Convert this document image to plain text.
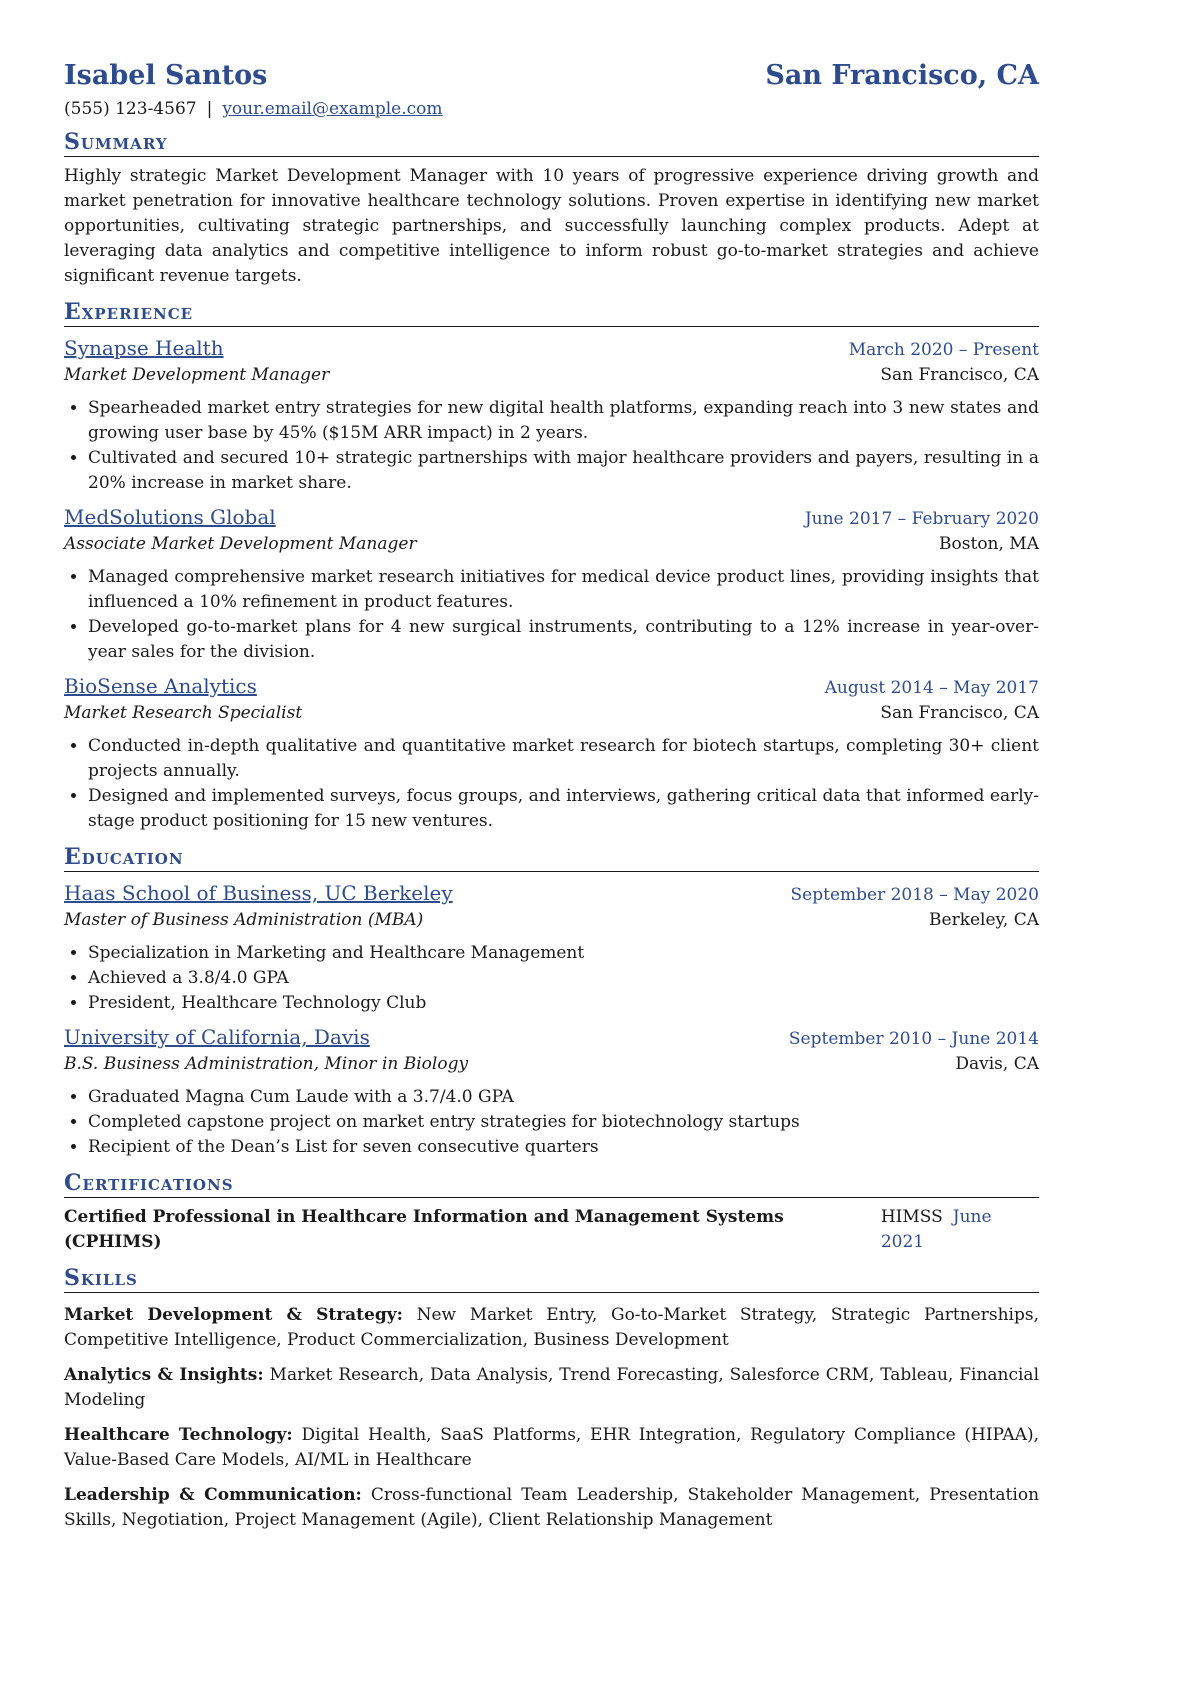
Isabel Santos	San Francisco, CA
(555) 123-4567 | your.email@example.com
Summary
Highly strategic Market Development Manager with 10 years of progressive experience driving growth and market penetration for innovative healthcare technology solutions. Proven expertise in identifying new market opportunities, cultivating strategic partnerships, and successfully launching complex products. Adept at leveraging data analytics and competitive intelligence to inform robust go-to-market strategies and achieve significant revenue targets.
Experience
Synapse Health	March 2020 – Present
Market Development Manager	San Francisco, CA
• Spearheaded market entry strategies for new digital health platforms, expanding reach into 3 new states and growing user base by 45% ($15M ARR impact) in 2 years.
• Cultivated and secured 10+ strategic partnerships with major healthcare providers and payers, resulting in a 20% increase in market share.
MedSolutions Global	June 2017 – February 2020
Associate Market Development Manager	Boston, MA
• Managed comprehensive market research initiatives for medical device product lines, providing insights that influenced a 10% refinement in product features.
• Developed go-to-market plans for 4 new surgical instruments, contributing to a 12% increase in year-over-year sales for the division.
BioSense Analytics	August 2014 – May 2017
Market Research Specialist	San Francisco, CA
• Conducted in-depth qualitative and quantitative market research for biotech startups, completing 30+ client projects annually.
• Designed and implemented surveys, focus groups, and interviews, gathering critical data that informed early-stage product positioning for 15 new ventures.
Education
Haas School of Business, UC Berkeley	September 2018 – May 2020
Master of Business Administration (MBA)	Berkeley, CA
• Specialization in Marketing and Healthcare Management
• Achieved a 3.8/4.0 GPA
• President, Healthcare Technology Club
University of California, Davis	September 2010 – June 2014
B.S. Business Administration, Minor in Biology	Davis, CA
• Graduated Magna Cum Laude with a 3.7/4.0 GPA
• Completed capstone project on market entry strategies for biotechnology startups
• Recipient of the Dean’s List for seven consecutive quarters
Certifications
Certified Professional in Healthcare Information and Management Systems (CPHIMS)
HIMSS June 2021
Skills
Market Development & Strategy: New Market Entry, Go-to-Market Strategy, Strategic Partnerships, Competitive Intelligence, Product Commercialization, Business Development
Analytics & Insights: Market Research, Data Analysis, Trend Forecasting, Salesforce CRM, Tableau, Financial Modeling
Healthcare Technology: Digital Health, SaaS Platforms, EHR Integration, Regulatory Compliance (HIPAA), Value-Based Care Models, AI/ML in Healthcare
Leadership & Communication: Cross-functional Team Leadership, Stakeholder Management, Presentation Skills, Negotiation, Project Management (Agile), Client Relationship Management
